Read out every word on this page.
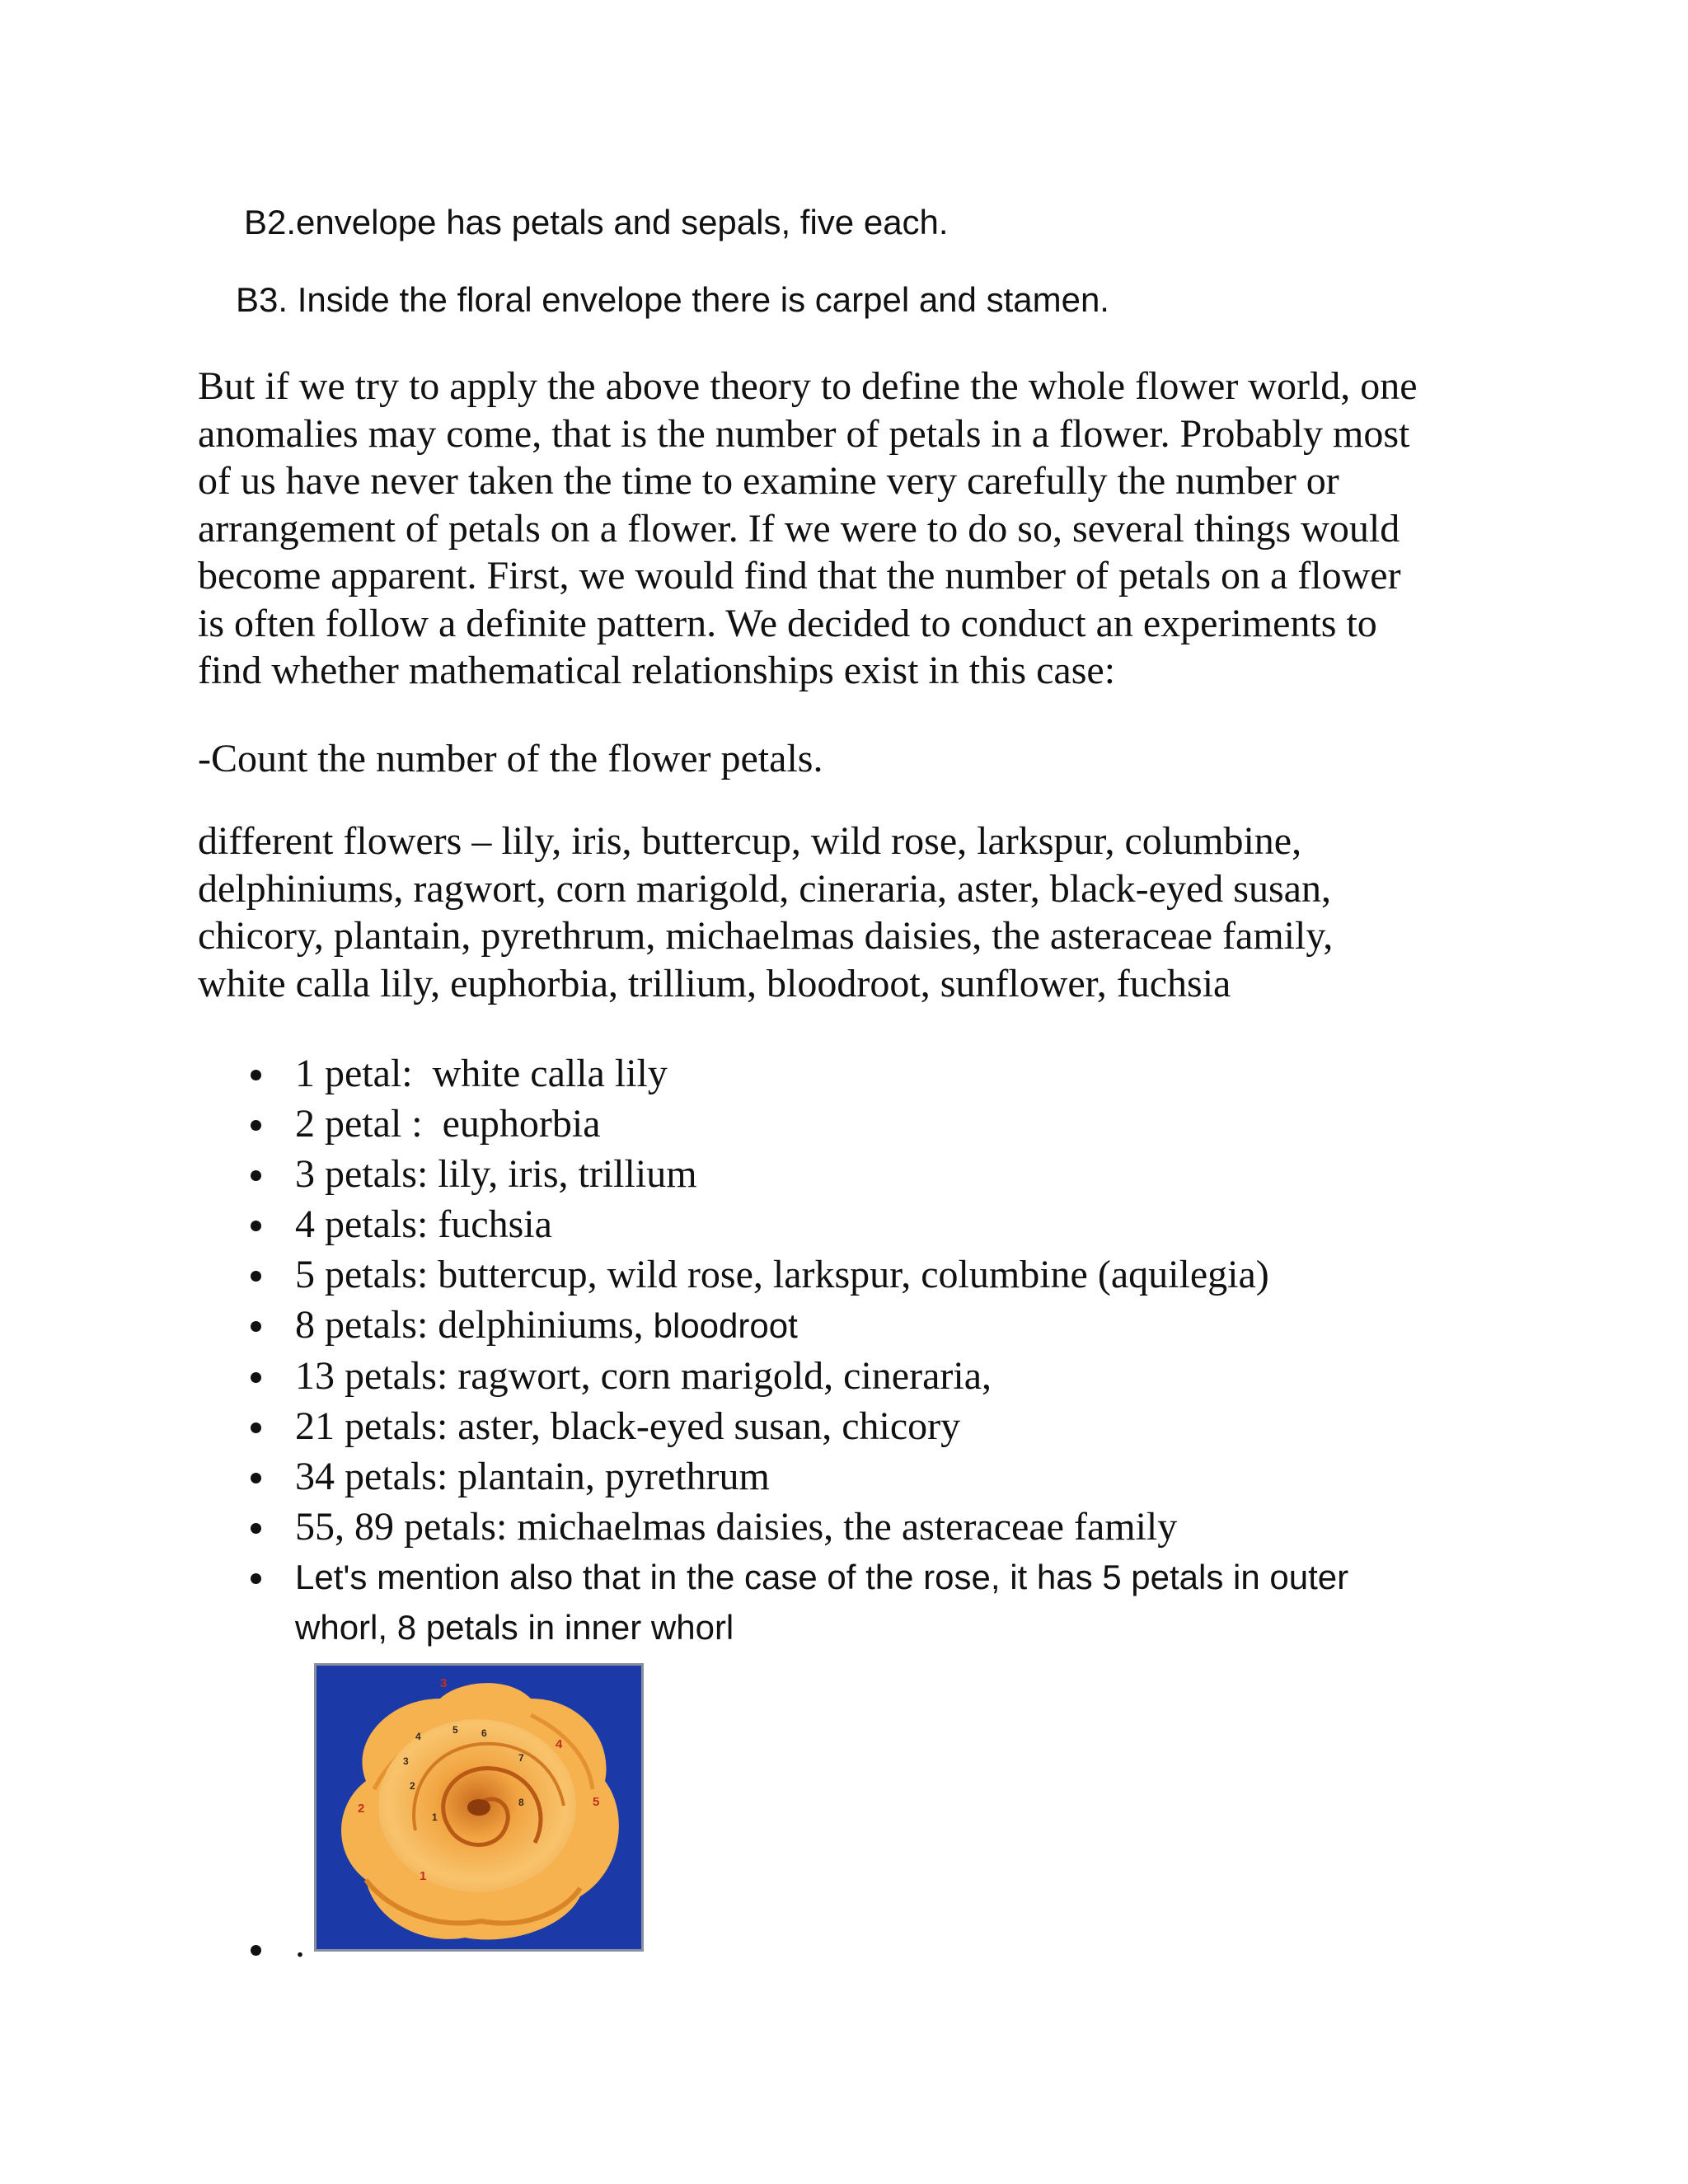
B2.envelope has petals and sepals, five each.
B3. Inside the floral envelope there is carpel and stamen.
But if we try to apply the above theory to define the whole flower world, one
anomalies may come, that is the number of petals in a flower. Probably most
of us have never taken the time to examine very carefully the number or
arrangement of petals on a flower. If we were to do so, several things would
become apparent. First, we would find that the number of petals on a flower
is often follow a definite pattern. We decided to conduct an experiments to
find whether mathematical relationships exist in this case:
-Count the number of the flower petals.
different flowers – lily, iris, buttercup, wild rose, larkspur, columbine,
delphiniums, ragwort, corn marigold, cineraria, aster, black-eyed susan,
chicory, plantain, pyrethrum, michaelmas daisies, the asteraceae family,
white calla lily, euphorbia, trillium, bloodroot, sunflower, fuchsia
1 petal: white calla lily
2 petal : euphorbia
3 petals: lily, iris, trillium
4 petals: fuchsia
5 petals: buttercup, wild rose, larkspur, columbine (aquilegia)
8 petals: delphiniums, bloodroot
13 petals: ragwort, corn marigold, cineraria,
21 petals: aster, black-eyed susan, chicory
34 petals: plantain, pyrethrum
55, 89 petals: michaelmas daisies, the asteraceae family
Let's mention also that in the case of the rose, it has 5 petals in outer
whorl, 8 petals in inner whorl
3
4
5
2
1
1
2
3
4
5 6
7
8
.
